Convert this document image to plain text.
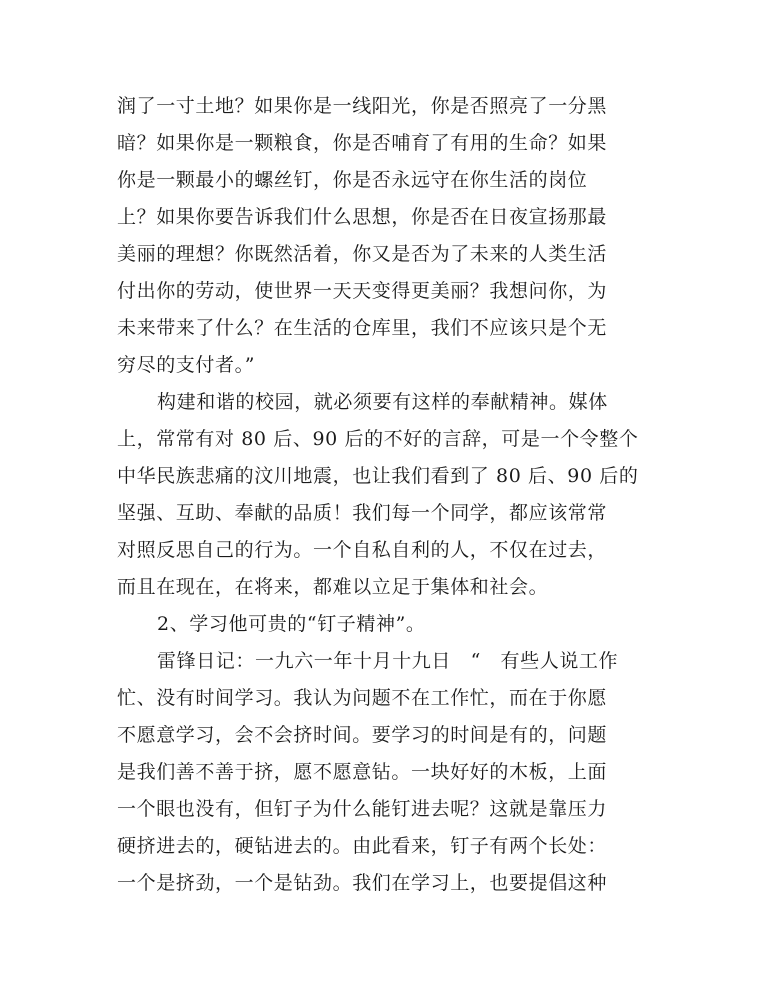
润了一寸土地？如果你是一线阳光，你是否照亮了一分黑
暗？如果你是一颗粮食，你是否哺育了有用的生命？如果
你是一颗最小的螺丝钉，你是否永远守在你生活的岗位
上？如果你要告诉我们什么思想，你是否在日夜宣扬那最
美丽的理想？你既然活着，你又是否为了未来的人类生活
付出你的劳动，使世界一天天变得更美丽？我想问你，为
未来带来了什么？在生活的仓库里，我们不应该只是个无
穷尽的支付者。”
构建和谐的校园，就必须要有这样的奉献精神。媒体
上，常常有对 80 后、90 后的不好的言辞，可是一个令整个
中华民族悲痛的汶川地震，也让我们看到了 80 后、90 后的
坚强、互助、奉献的品质！我们每一个同学，都应该常常
对照反思自己的行为。一个自私自利的人，不仅在过去，
而且在现在，在将来，都难以立足于集体和社会。
2、学习他可贵的“钉子精神”。
雷锋日记：一九六一年十月十九日　“　有些人说工作
忙、没有时间学习。我认为问题不在工作忙，而在于你愿
不愿意学习，会不会挤时间。要学习的时间是有的，问题
是我们善不善于挤，愿不愿意钻。一块好好的木板，上面
一个眼也没有，但钉子为什么能钉进去呢？这就是靠压力
硬挤进去的，硬钻进去的。由此看来，钉子有两个长处：
一个是挤劲，一个是钻劲。我们在学习上，也要提倡这种
